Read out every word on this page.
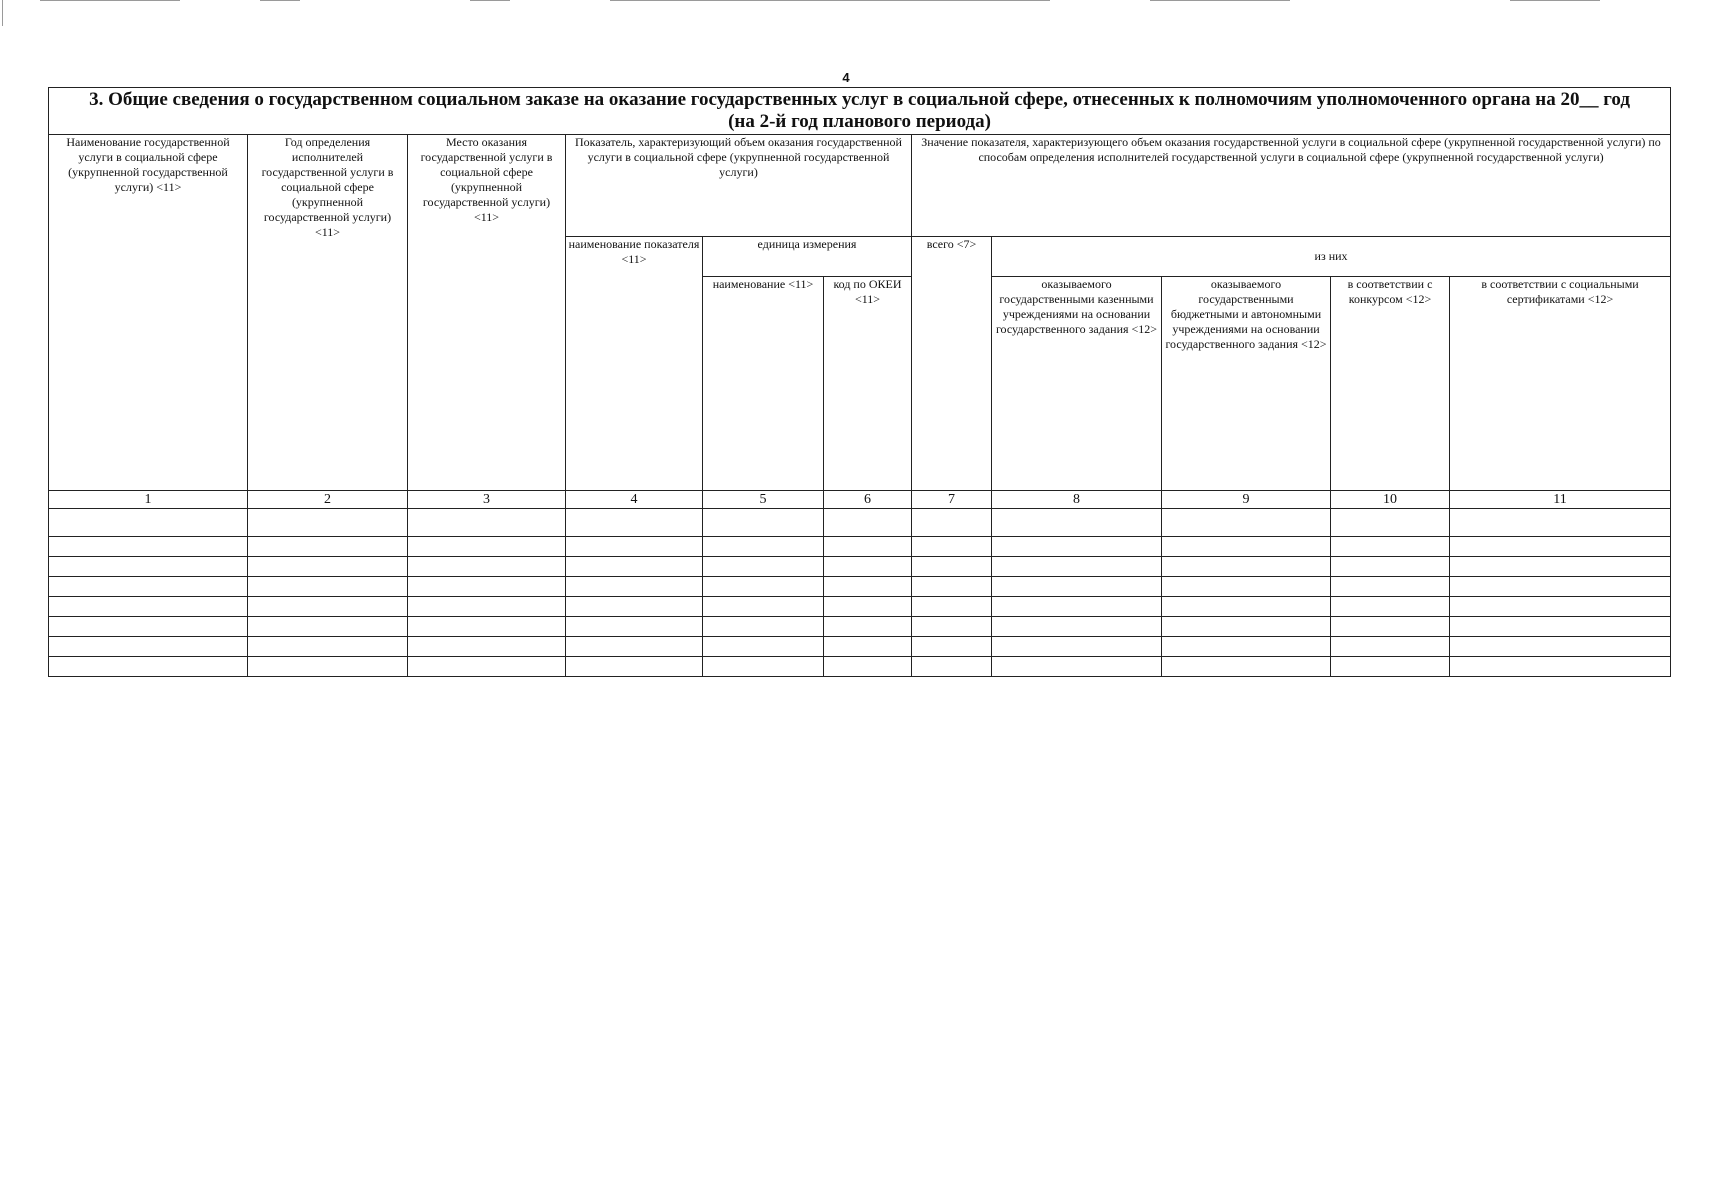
4
3. Общие сведения о государственном социальном заказе на оказание государственных услуг в социальной сфере, отнесенных к полномочиям уполномоченного органа на 20__ год
(на 2-й год планового периода)										

Наименование государственной услуги в социальной сфере (укрупненной государственной услуги) <11>	Год определения исполнителей государственной услуги в социальной сфере (укрупненной государственной услуги) <11>	Место оказания государственной услуги в социальной сфере (укрупненной государственной услуги) <11>	Показатель, характеризующий объем оказания государственной услуги в социальной сфере (укрупненной государственной услуги)			Значение показателя, характеризующего объем оказания государственной услуги в социальной сфере (укрупненной государственной услуги) по способам определения исполнителей государственной услуги в социальной сфере (укрупненной государственной услуги)				
			наименование показателя <11>	единица измерения		всего <7>	из них			
				наименование <11>	код по ОКЕИ <11>		оказываемого государственными казенными учреждениями на основании государственного задания <12>	оказываемого государственными бюджетными и автономными учреждениями на основании государственного задания <12>	в соответствии с конкурсом <12>	в соответствии с социальными сертификатами <12>
1	2	3	4	5	6	7	8	9	10	11
